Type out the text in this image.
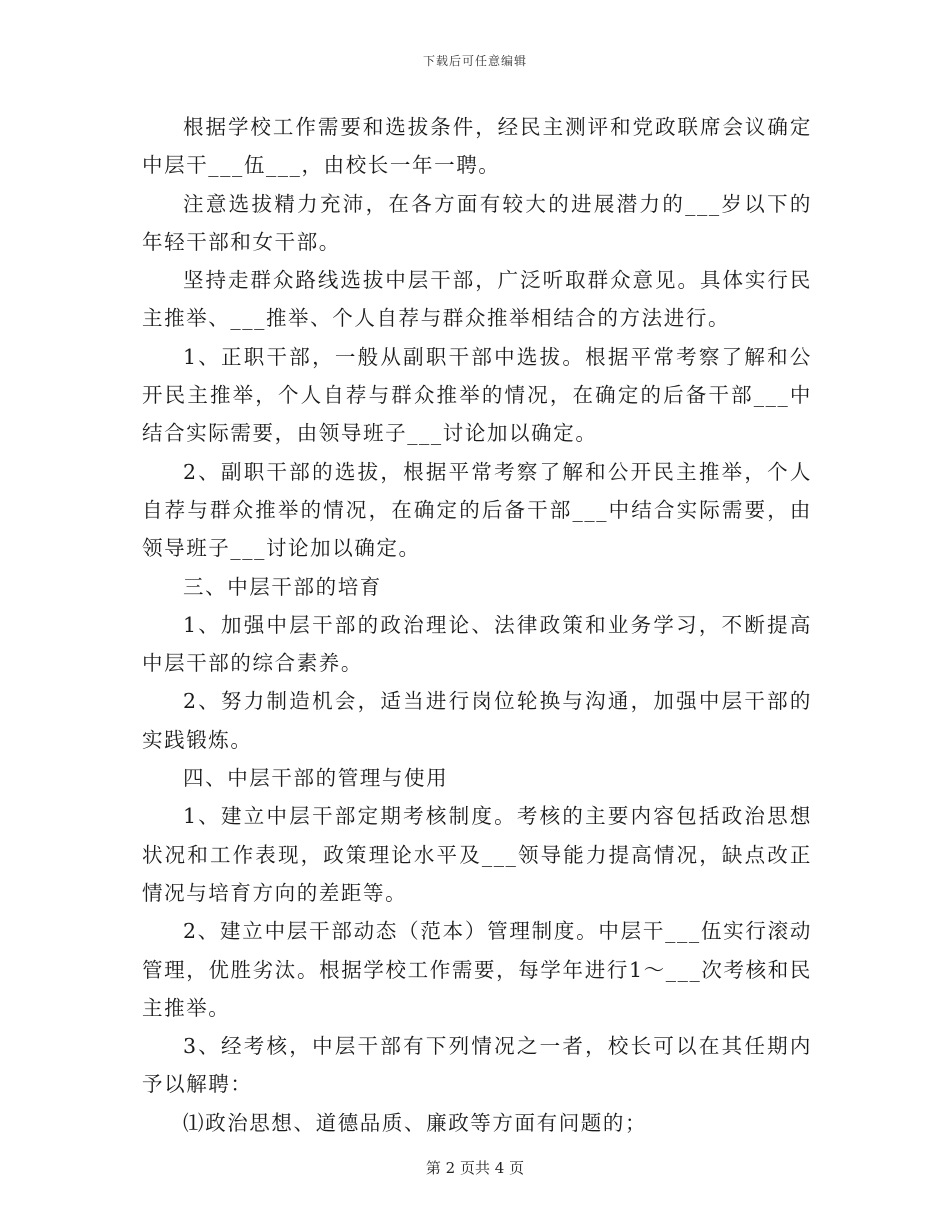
下载后可任意编辑

根据学校工作需要和选拔条件，经民主测评和党政联席会议确定中层干___伍___，由校长一年一聘。

注意选拔精力充沛，在各方面有较大的进展潜力的___岁以下的年轻干部和女干部。

坚持走群众路线选拔中层干部，广泛听取群众意见。具体实行民主推举、___推举、个人自荐与群众推举相结合的方法进行。

1、正职干部，一般从副职干部中选拔。根据平常考察了解和公开民主推举，个人自荐与群众推举的情况，在确定的后备干部___中结合实际需要，由领导班子___讨论加以确定。

2、副职干部的选拔，根据平常考察了解和公开民主推举，个人自荐与群众推举的情况，在确定的后备干部___中结合实际需要，由领导班子___讨论加以确定。

三、中层干部的培育

1、加强中层干部的政治理论、法律政策和业务学习，不断提高中层干部的综合素养。

2、努力制造机会，适当进行岗位轮换与沟通，加强中层干部的实践锻炼。

四、中层干部的管理与使用

1、建立中层干部定期考核制度。考核的主要内容包括政治思想状况和工作表现，政策理论水平及___领导能力提高情况，缺点改正情况与培育方向的差距等。

2、建立中层干部动态（范本）管理制度。中层干___伍实行滚动管理，优胜劣汰。根据学校工作需要，每学年进行1～___次考核和民主推举。

3、经考核，中层干部有下列情况之一者，校长可以在其任期内予以解聘：

⑴政治思想、道德品质、廉政等方面有问题的；

第 2 页共 4 页
